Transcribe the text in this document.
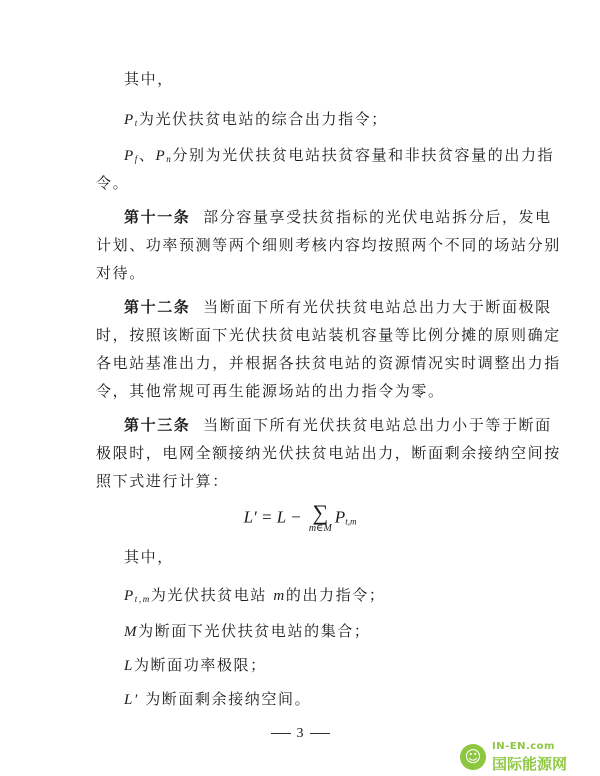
其中，
$P_t$为光伏扶贫电站的综合出力指令；
$P_f$、$P_n$分别为光伏扶贫电站扶贫容量和非扶贫容量的出力指
令。
第十一条 部分容量享受扶贫指标的光伏电站拆分后，发电
计划、功率预测等两个细则考核内容均按照两个不同的场站分别
对待。
第十二条 当断面下所有光伏扶贫电站总出力大于断面极限
时，按照该断面下光伏扶贫电站装机容量等比例分摊的原则确定
各电站基准出力，并根据各扶贫电站的资源情况实时调整出力指
令，其他常规可再生能源场站的出力指令为零。
第十三条 当断面下所有光伏扶贫电站总出力小于等于断面
极限时，电网全额接纳光伏扶贫电站出力，断面剩余接纳空间按
照下式进行计算：
L′ = L − ∑
m∈M
$P_{t,m}$
其中，
$P_{t,m}$为光伏扶贫电站 m的出力指令；
M为断面下光伏扶贫电站的集合；
L为断面功率极限；
L′ 为断面剩余接纳空间。
3
☺
IN-EN.com
国际能源网
